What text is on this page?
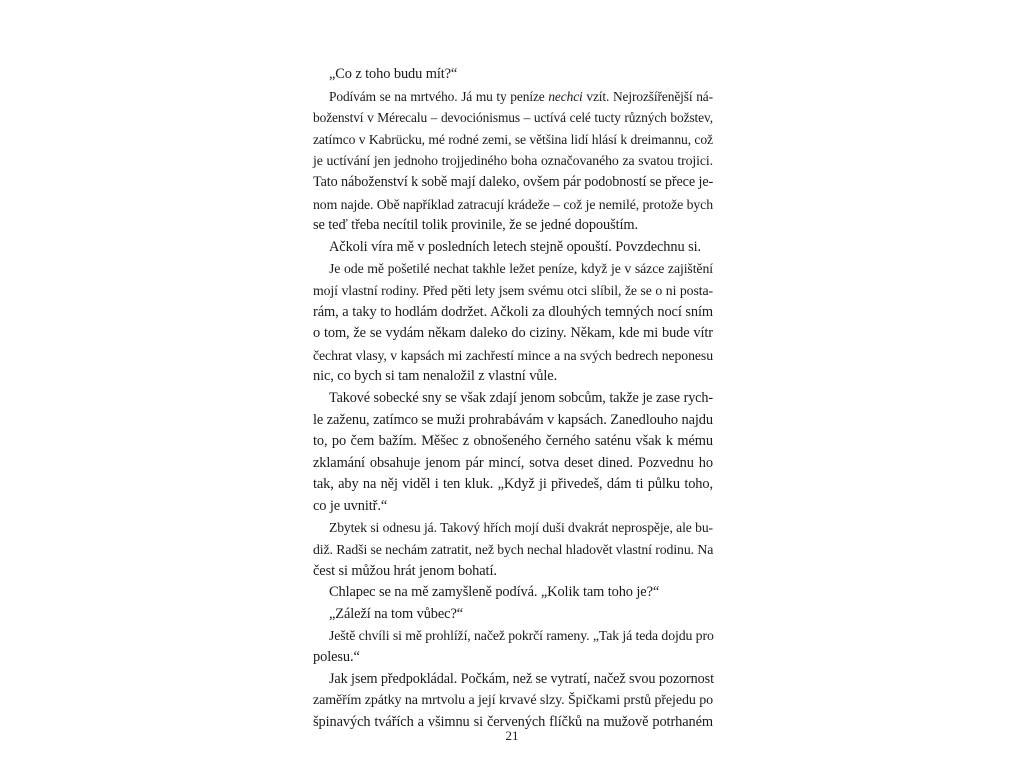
„Co z toho budu mít?“
Podívám se na mrtvého. Já mu ty peníze nechci vzít. Nejrozšířenější ná-
boženství v Mérecalu – devociónismus – uctívá celé tucty různých božstev,
zatímco v Kabrücku, mé rodné zemi, se většina lidí hlásí k dreimannu, což
je uctívání jen jednoho trojjediného boha označovaného za svatou trojici.
Tato náboženství k sobě mají daleko, ovšem pár podobností se přece je-
nom najde. Obě například zatracují krádeže – což je nemilé, protože bych
se teď třeba necítil tolik provinile, že se jedné dopouštím.
Ačkoli víra mě v posledních letech stejně opouští. Povzdechnu si.
Je ode mě pošetilé nechat takhle ležet peníze, když je v sázce zajištění
mojí vlastní rodiny. Před pěti lety jsem svému otci slíbil, že se o ni posta-
rám, a taky to hodlám dodržet. Ačkoli za dlouhých temných nocí sním
o tom, že se vydám někam daleko do ciziny. Někam, kde mi bude vítr
čechrat vlasy, v kapsách mi zachřestí mince a na svých bedrech neponesu
nic, co bych si tam nenaložil z vlastní vůle.
Takové sobecké sny se však zdají jenom sobcům, takže je zase rych-
le zaženu, zatímco se muži prohrabávám v kapsách. Zanedlouho najdu
to, po čem bažím. Měšec z obnošeného černého saténu však k mému
zklamání obsahuje jenom pár mincí, sotva deset dined. Pozvednu ho
tak, aby na něj viděl i ten kluk. „Když ji přivedeš, dám ti půlku toho,
co je uvnitř.“
Zbytek si odnesu já. Takový hřích mojí duši dvakrát neprospěje, ale bu-
diž. Radši se nechám zatratit, než bych nechal hladovět vlastní rodinu. Na
čest si můžou hrát jenom bohatí.
Chlapec se na mě zamyšleně podívá. „Kolik tam toho je?“
„Záleží na tom vůbec?“
Ještě chvíli si mě prohlíží, načež pokrčí rameny. „Tak já teda dojdu pro
polesu.“
Jak jsem předpokládal. Počkám, než se vytratí, načež svou pozornost
zaměřím zpátky na mrtvolu a její krvavé slzy. Špičkami prstů přejedu po
špinavých tvářích a všimnu si červených flíčků na mužově potrhaném
21
